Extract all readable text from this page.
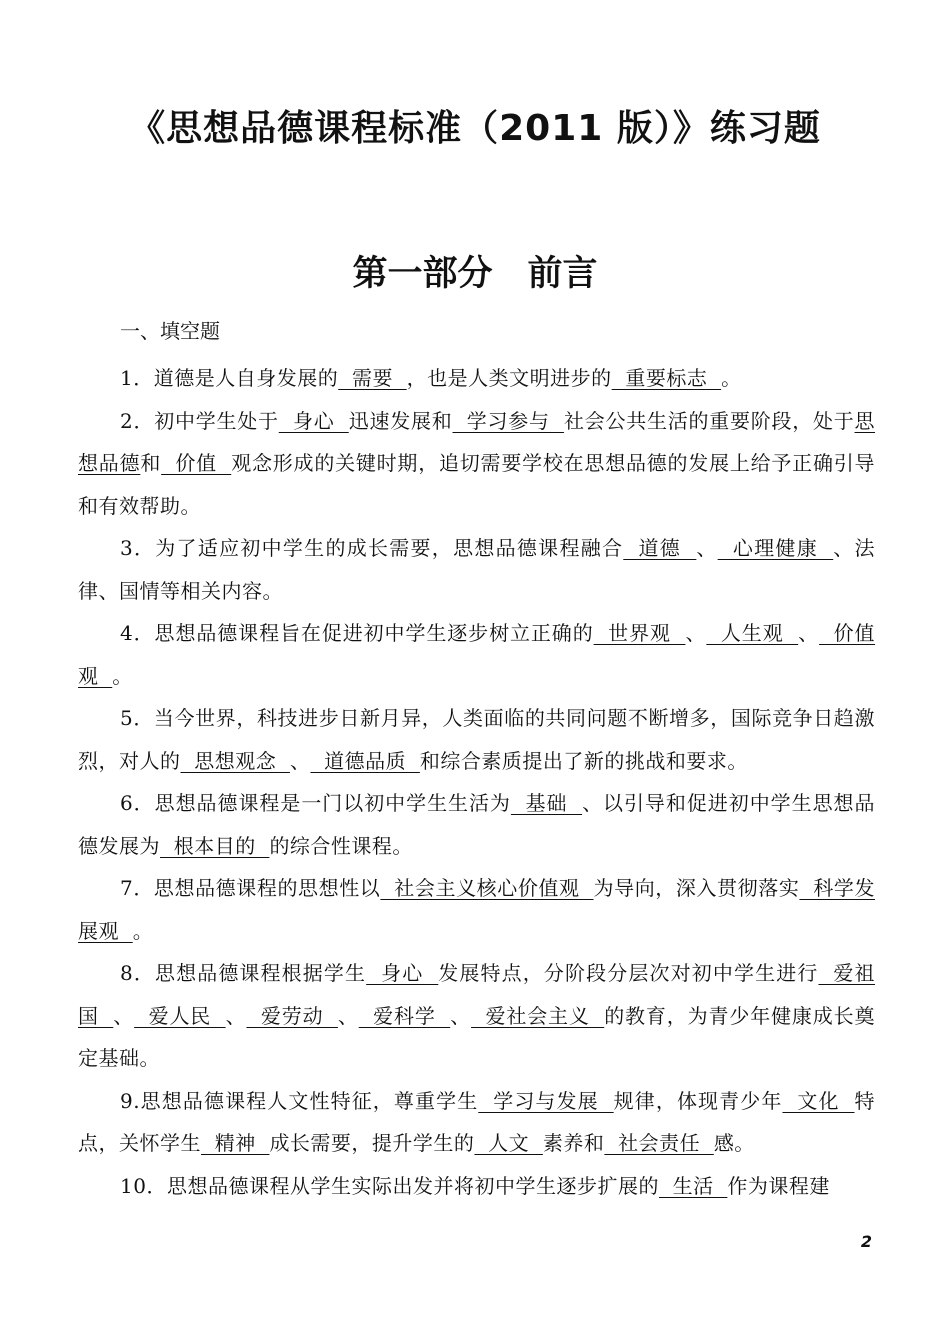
《思想品德课程标准（2011 版）》练习题
第一部分　前言
一、填空题

1．道德是人自身发展的  需要  ，也是人类文明进步的  重要标志  。

2．初中学生处于  身心  迅速发展和  学习参与  社会公共生活的重要阶段，处于思想品德和  价值  观念形成的关键时期，追切需要学校在思想品德的发展上给予正确引导和有效帮助。

3．为了适应初中学生的成长需要，思想品德课程融合  道德  、  心理健康  、法律、国情等相关内容。

4．思想品德课程旨在促进初中学生逐步树立正确的  世界观  、  人生观  、  价值观  。

5．当今世界，科技进步日新月异，人类面临的共同问题不断增多，国际竞争日趋激烈，对人的  思想观念  、  道德品质  和综合素质提出了新的挑战和要求。

6．思想品德课程是一门以初中学生生活为  基础  、以引导和促进初中学生思想品德发展为  根本目的  的综合性课程。

7．思想品德课程的思想性以  社会主义核心价值观  为导向，深入贯彻落实  科学发展观  。

8．思想品德课程根据学生  身心  发展特点，分阶段分层次对初中学生进行  爱祖国  、  爱人民  、  爱劳动  、  爱科学  、  爱社会主义  的教育，为青少年健康成长奠定基础。

9.思想品德课程人文性特征，尊重学生  学习与发展  规律，体现青少年  文化  特点，关怀学生  精神  成长需要，提升学生的  人文  素养和  社会责任  感。

10．思想品德课程从学生实际出发并将初中学生逐步扩展的  生活  作为课程建

2
